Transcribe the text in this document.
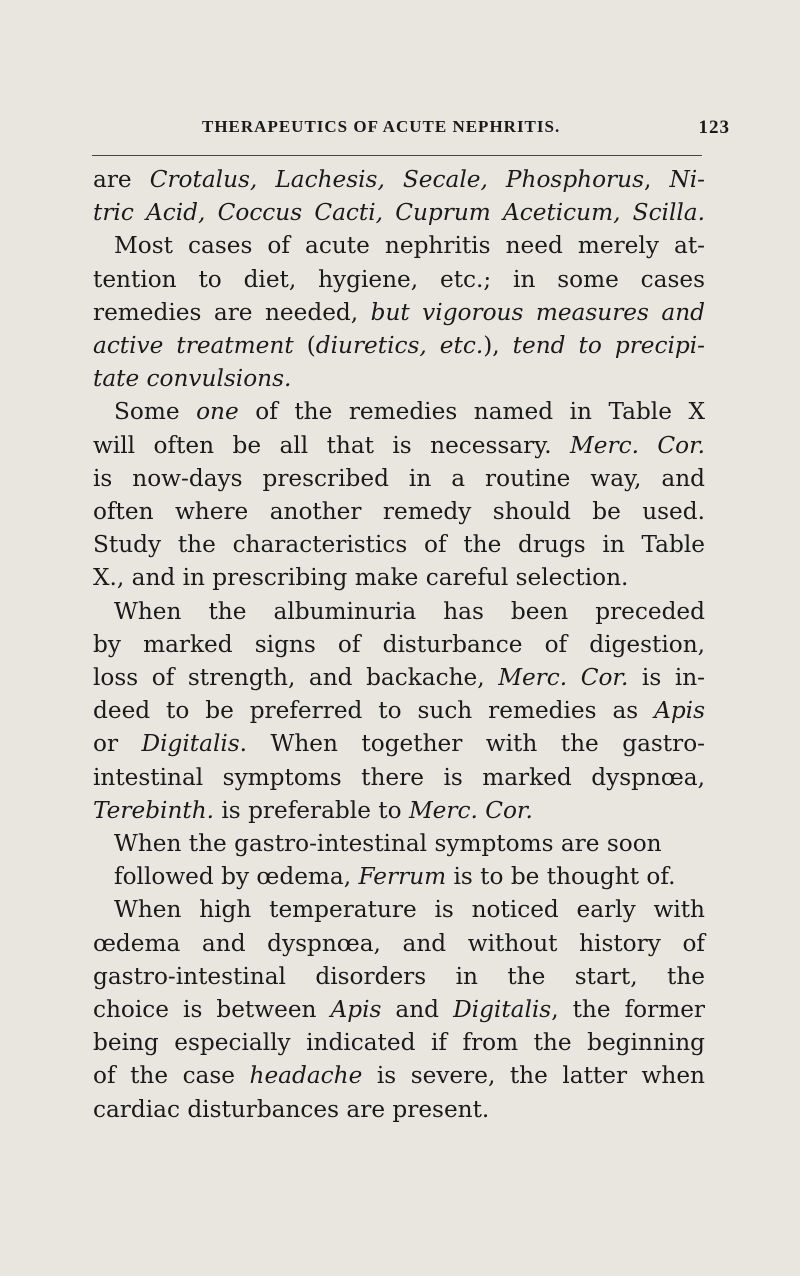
THERAPEUTICS OF ACUTE NEPHRITIS.	123
are Crotalus, Lachesis, Secale, Phosphorus, Ni-
tric Acid, Coccus Cacti, Cuprum Aceticum, Scilla.
Most cases of acute nephritis need merely at-
tention to diet, hygiene, etc.; in some cases
remedies are needed, but vigorous measures and
active treatment (diuretics, etc.), tend to precipi-
tate convulsions.
Some one of the remedies named in Table X
will often be all that is necessary. Merc. Cor.
is now-days prescribed in a routine way, and
often where another remedy should be used.
Study the characteristics of the drugs in Table
X., and in prescribing make careful selection.
When the albuminuria has been preceded
by marked signs of disturbance of digestion,
loss of strength, and backache, Merc. Cor. is in-
deed to be preferred to such remedies as Apis
or Digitalis. When together with the gastro-
intestinal symptoms there is marked dyspnœa,
Terebinth. is preferable to Merc. Cor.
When the gastro-intestinal symptoms are soon
followed by œdema, Ferrum is to be thought of.
When high temperature is noticed early with
œdema and dyspnœa, and without history of
gastro-intestinal disorders in the start, the
choice is between Apis and Digitalis, the former
being especially indicated if from the beginning
of the case headache is severe, the latter when
cardiac disturbances are present.
